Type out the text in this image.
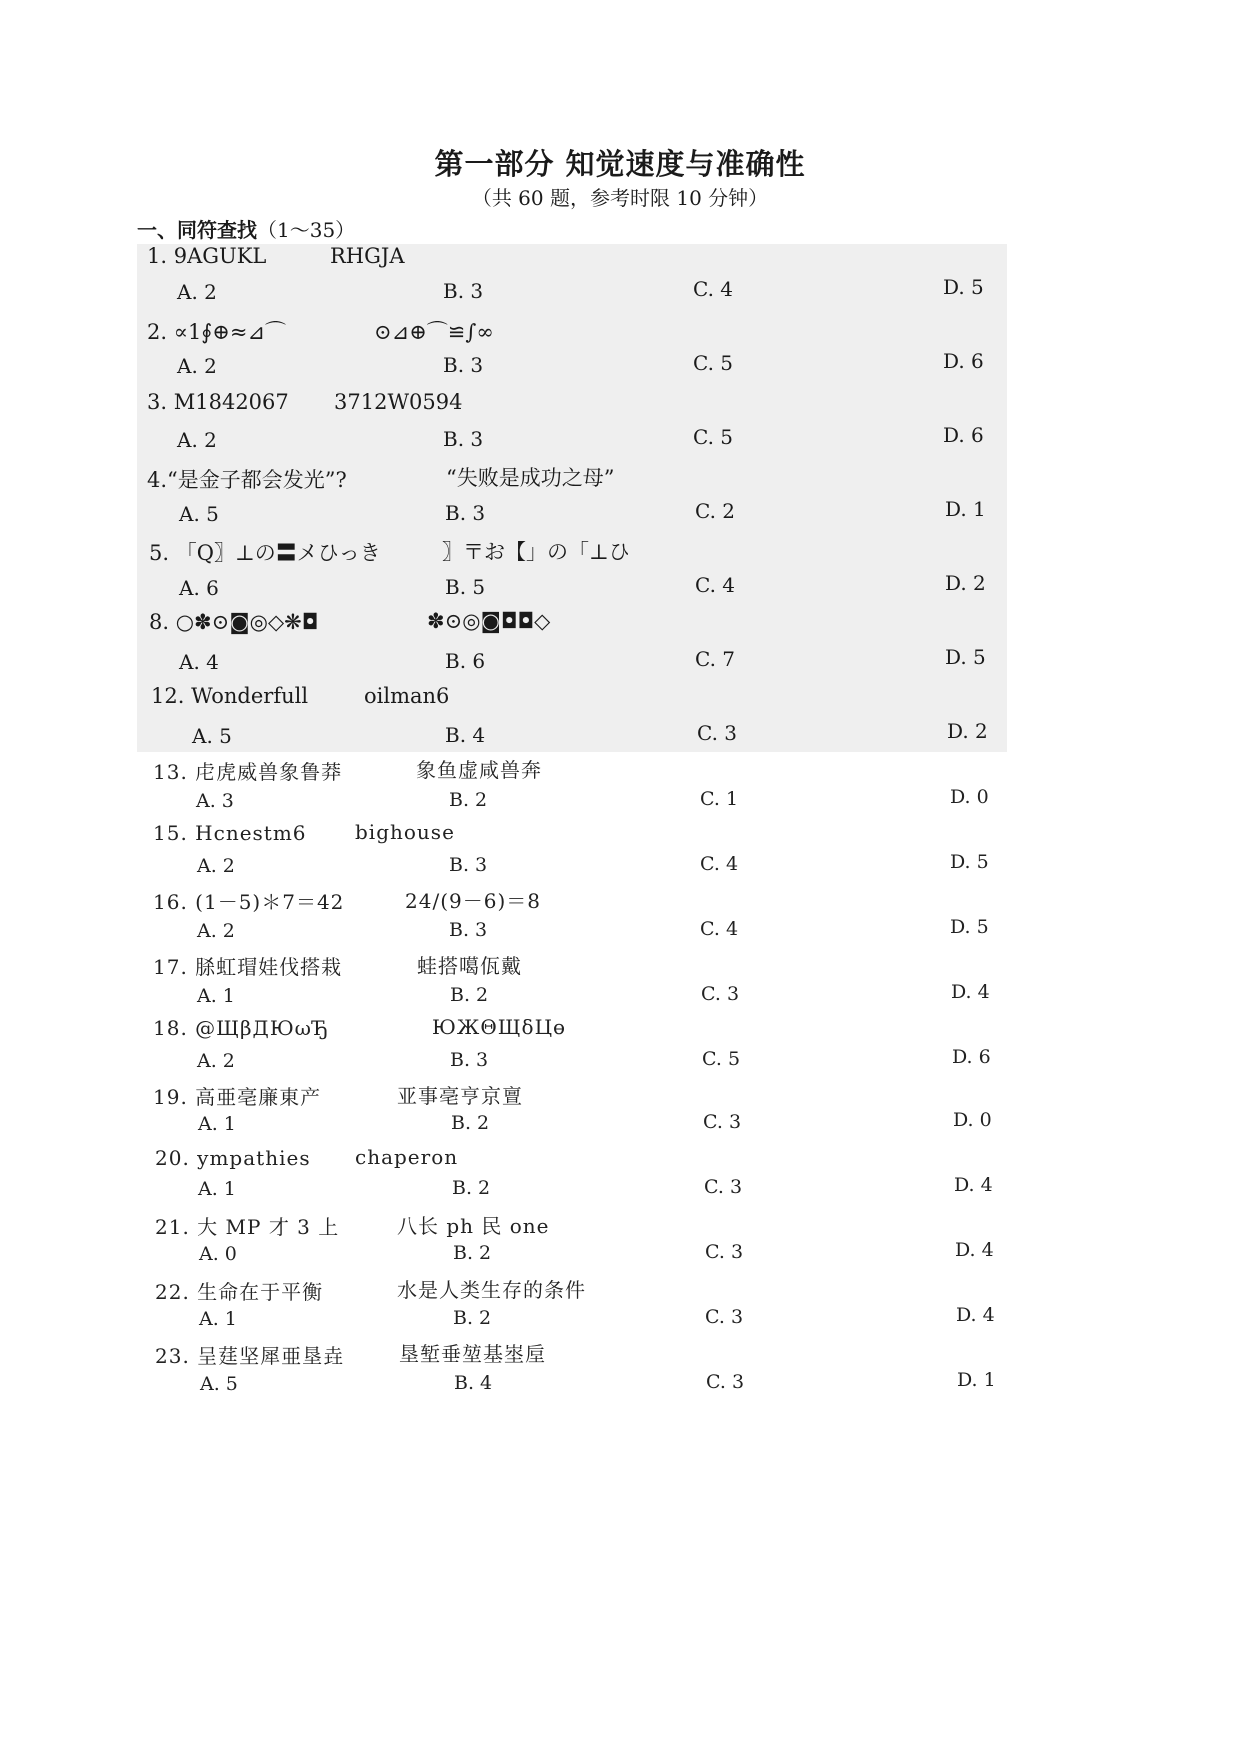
第一部分 知觉速度与准确性
（共 60 题，参考时限 10 分钟）
一、同符查找（1～35）
1. 9AGUKL	RHGJA
A. 2	B. 3	C. 4	D. 5
2. ∝1∮⊕≈⊿⌒	⊙⊿⊕⌒≌∫∞
A. 2	B. 3	C. 5	D. 6
3. M1842067 3712W0594
A. 2	B. 3	C. 5	D. 6
4.“是金子都会发光”?	“失败是成功之母”
A. 5	B. 3	C. 2	D. 1
5. 「Q〗⊥の〓メひっき	〗〒お【」の「⊥ひ
A. 6	B. 5	C. 4	D. 2
8. ○✽⊙◙◎◇❋◘	✽⊙◎◙◘◘◇
A. 4	B. 6	C. 7	D. 5
12. Wonderfull	oilman6
A. 5	B. 4	C. 3	D. 2
13. 虍虎威兽象鲁莽	象鱼虚咸兽奔
A. 3	B. 2	C. 1	D. 0
15. Hcnestm6 bighouse
A. 2	B. 3	C. 4	D. 5
16. (1－5)＊7＝42	24/(9－6)＝8
A. 2	B. 3	C. 4	D. 5
17. 脎虹瑁娃伐搭栽	蛙搭噶佤戴
A. 1	B. 2	C. 3	D. 4
18. @ЩβДЮωЂ	ЮЖΘЩδЦɵ
A. 2	B. 3	C. 5	D. 6
19. 高亜亳廉東产	亚事亳亨京亶
A. 1	B. 2	C. 3	D. 0
20. ympathies chaperon
A. 1	B. 2	C. 3	D. 4
21. 大 MP 才 3 上	八长 ph 民 one
A. 0	B. 2	C. 3	D. 4
22. 生命在于平衡	水是人类生存的条件
A. 1	B. 2	C. 3	D. 4
23. 呈莛坚犀亜垦垚	垦堑垂堃基埊垕
A. 5	B. 4	C. 3	D. 1
